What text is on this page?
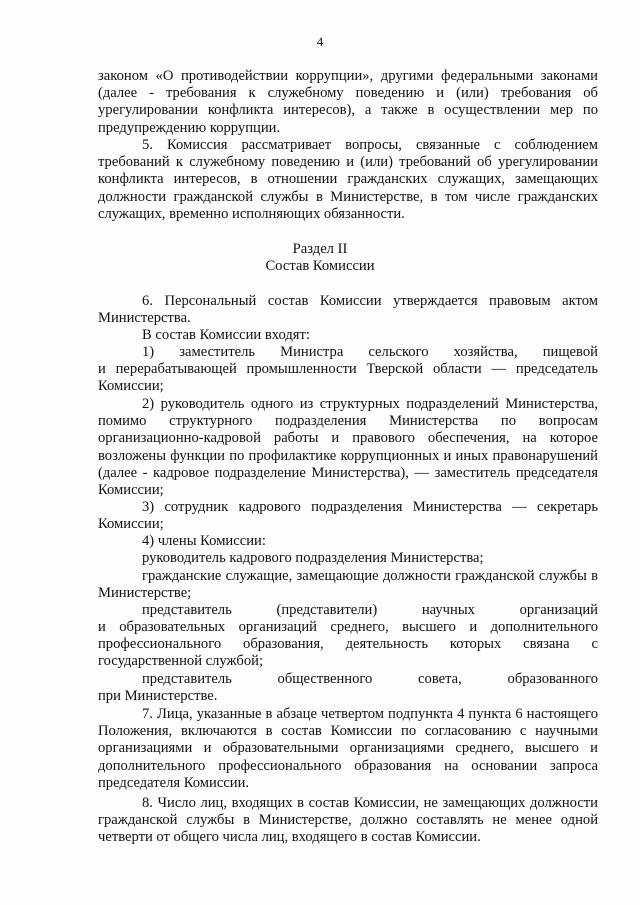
4

законом «О противодействии коррупции», другими федеральными законами (далее - требования к служебному поведению и (или) требования об урегулировании конфликта интересов), а также в осуществлении мер по предупреждению коррупции.

5. Комиссия рассматривает вопросы, связанные с соблюдением требований к служебному поведению и (или) требований об урегулировании конфликта интересов, в отношении гражданских служащих, замещающих должности гражданской службы в Министерстве, в том числе гражданских служащих, временно исполняющих обязанности.

Раздел II
Состав Комиссии

6. Персональный состав Комиссии утверждается правовым актом Министерства.

В состав Комиссии входят:

1) заместитель Министра сельского хозяйства, пищевой

и перерабатывающей промышленности Тверской области — председатель Комиссии;

2) руководитель одного из структурных подразделений Министерства, помимо структурного подразделения Министерства по вопросам организационно-кадровой работы и правового обеспечения, на которое возложены функции по профилактике коррупционных и иных правонарушений (далее - кадровое подразделение Министерства), — заместитель председателя Комиссии;

3) сотрудник кадрового подразделения Министерства — секретарь Комиссии;

4) члены Комиссии:

руководитель кадрового подразделения Министерства;

гражданские служащие, замещающие должности гражданской службы в Министерстве;

представитель	(представители)	научных	организаций

и образовательных организаций среднего, высшего и дополнительного профессионального образования, деятельность которых связана с государственной службой;

представитель	общественного	совета,	образованного

при Министерстве.

7. Лица, указанные в абзаце четвертом подпункта 4 пункта 6 настоящего Положения, включаются в состав Комиссии по согласованию с научными организациями и образовательными организациями среднего, высшего и дополнительного профессионального образования на основании запроса председателя Комиссии.

8. Число лиц, входящих в состав Комиссии, не замещающих должности гражданской службы в Министерстве, должно составлять не менее одной четверти от общего числа лиц, входящего в состав Комиссии.
